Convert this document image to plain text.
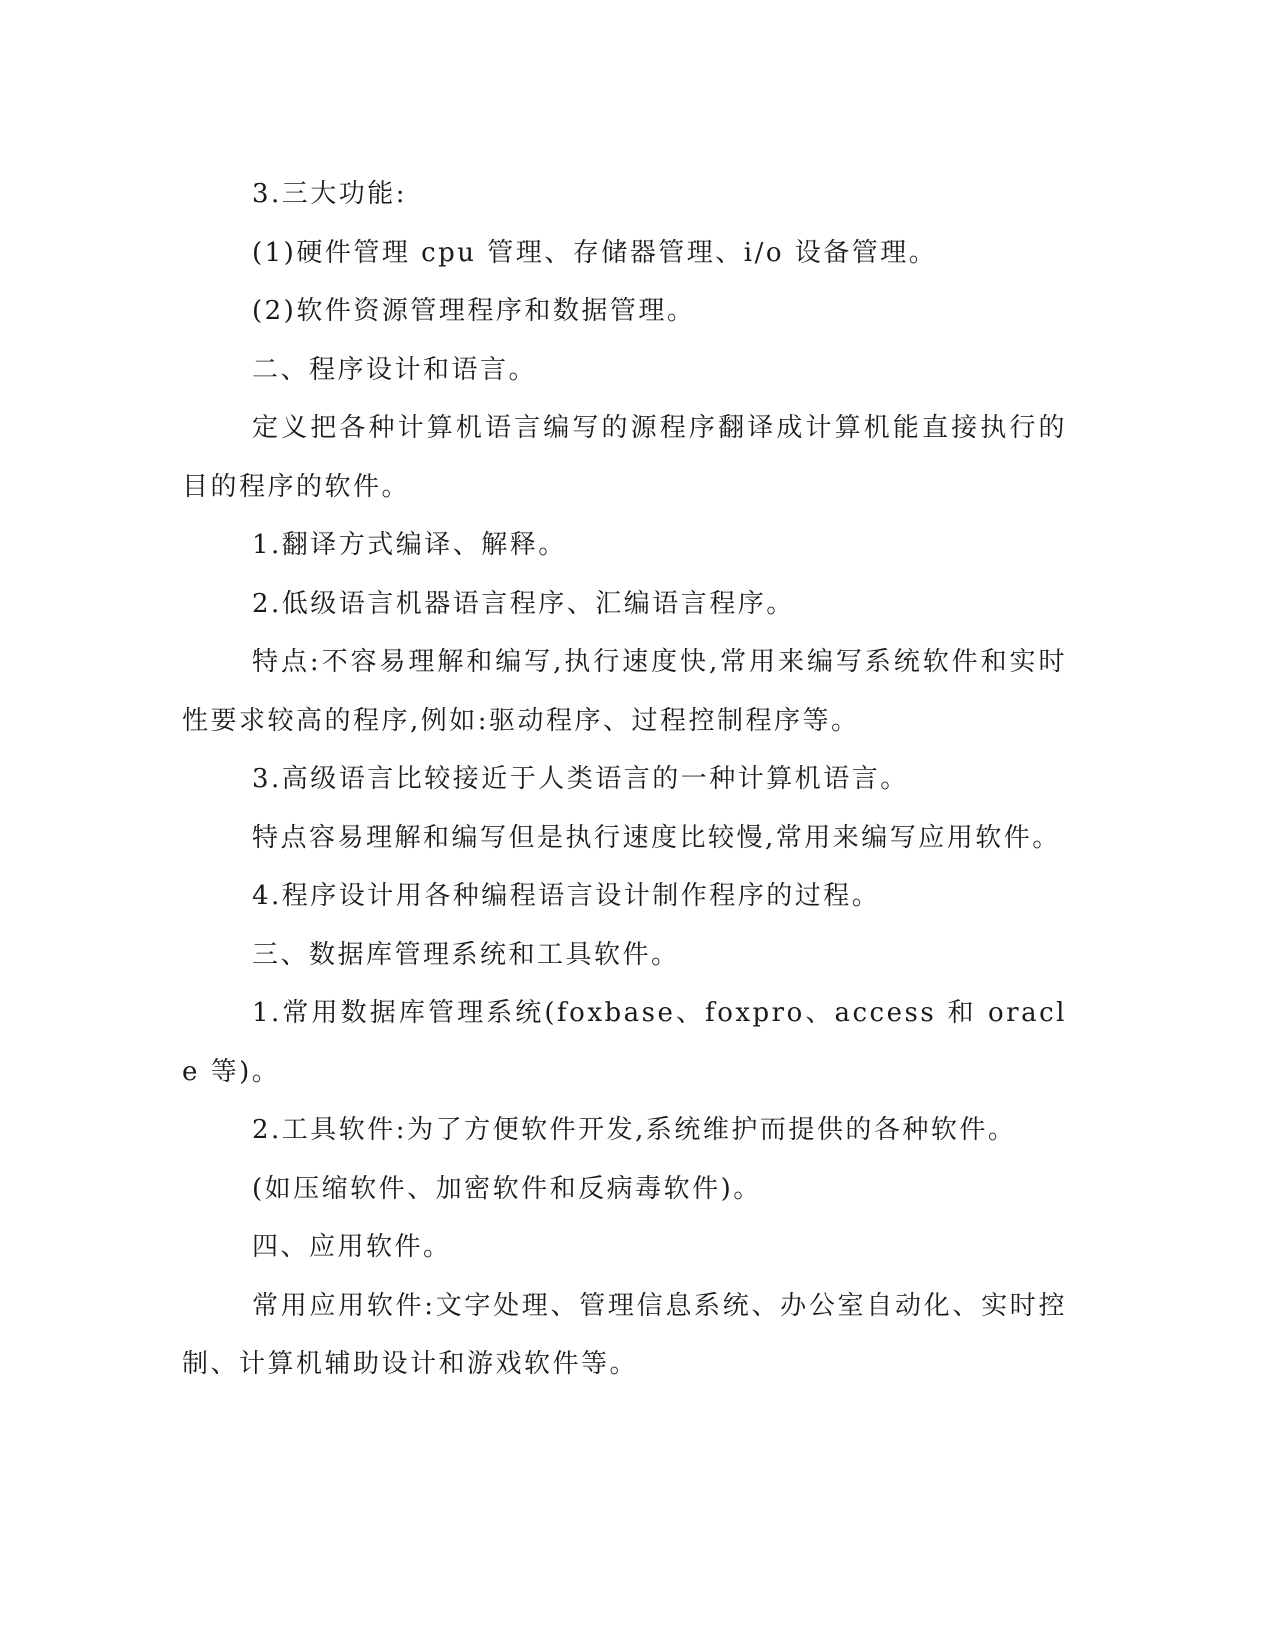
3.三大功能:

(1)硬件管理 cpu 管理、存储器管理、i/o 设备管理。

(2)软件资源管理程序和数据管理。

二、程序设计和语言。

定义把各种计算机语言编写的源程序翻译成计算机能直接执行的目的程序的软件。

1.翻译方式编译、解释。

2.低级语言机器语言程序、汇编语言程序。

特点:不容易理解和编写,执行速度快,常用来编写系统软件和实时性要求较高的程序,例如:驱动程序、过程控制程序等。

3.高级语言比较接近于人类语言的一种计算机语言。

特点容易理解和编写但是执行速度比较慢,常用来编写应用软件。

4.程序设计用各种编程语言设计制作程序的过程。

三、数据库管理系统和工具软件。

1.常用数据库管理系统(foxbase、foxpro、access 和 oracle 等)。

2.工具软件:为了方便软件开发,系统维护而提供的各种软件。

(如压缩软件、加密软件和反病毒软件)。

四、应用软件。

常用应用软件:文字处理、管理信息系统、办公室自动化、实时控制、计算机辅助设计和游戏软件等。
